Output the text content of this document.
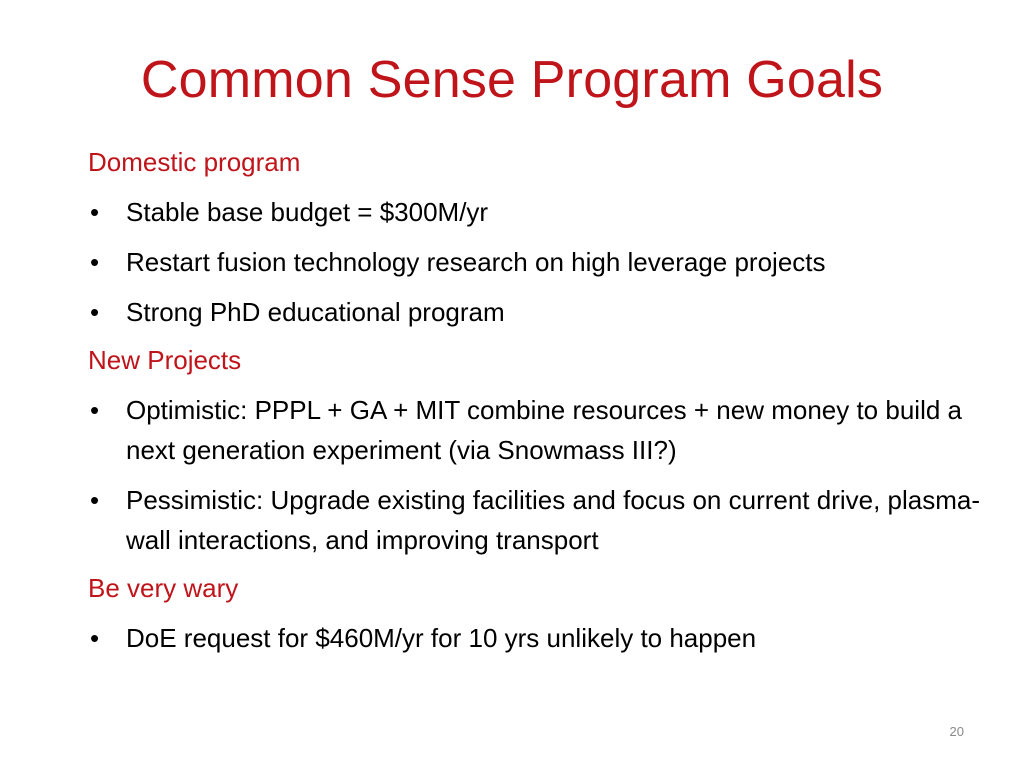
Common Sense Program Goals
Domestic program
•	Stable base budget = $300M/yr
•	Restart fusion technology research on high leverage projects
•	Strong PhD educational program
New Projects
•	Optimistic: PPPL + GA + MIT combine resources + new money to build a next generation experiment (via Snowmass III?)
•	Pessimistic: Upgrade existing facilities and focus on current drive, plasma-wall interactions, and improving transport
Be very wary
•	DoE request for $460M/yr for 10 yrs unlikely to happen
20
